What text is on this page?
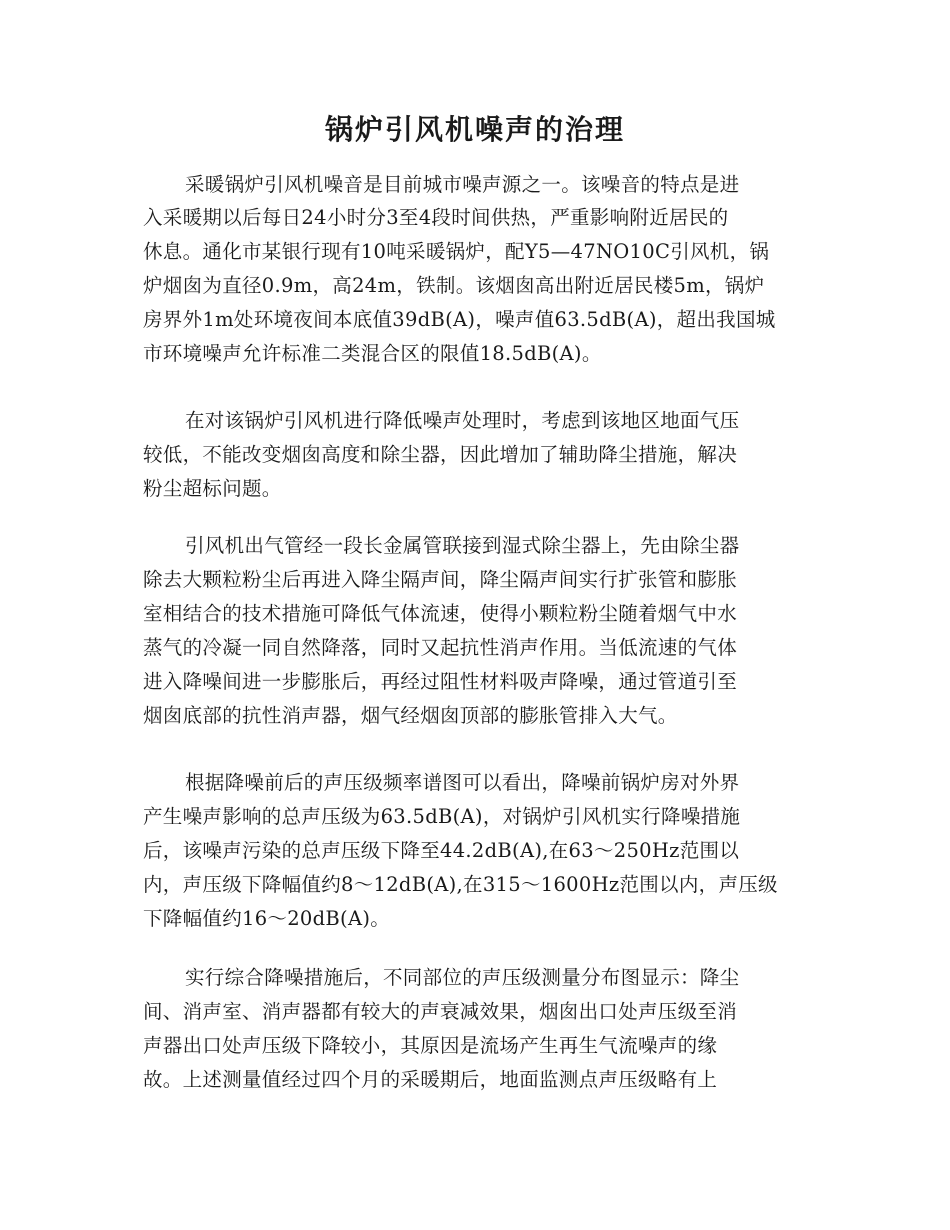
锅炉引风机噪声的治理
采暖锅炉引风机噪音是目前城市噪声源之一。该噪音的特点是进
入采暖期以后每日24小时分3至4段时间供热，严重影响附近居民的
休息。通化市某银行现有10吨采暖锅炉，配Y5—47NO10C引风机，锅
炉烟囱为直径0.9m，高24m，铁制。该烟囱高出附近居民楼5m，锅炉
房界外1m处环境夜间本底值39dB(A)，噪声值63.5dB(A)，超出我国城
市环境噪声允许标准二类混合区的限值18.5dB(A)。
在对该锅炉引风机进行降低噪声处理时，考虑到该地区地面气压
较低，不能改变烟囱高度和除尘器，因此增加了辅助降尘措施，解决
粉尘超标问题。
引风机出气管经一段长金属管联接到湿式除尘器上，先由除尘器
除去大颗粒粉尘后再进入降尘隔声间，降尘隔声间实行扩张管和膨胀
室相结合的技术措施可降低气体流速，使得小颗粒粉尘随着烟气中水
蒸气的冷凝一同自然降落，同时又起抗性消声作用。当低流速的气体
进入降噪间进一步膨胀后，再经过阻性材料吸声降噪，通过管道引至
烟囱底部的抗性消声器，烟气经烟囱顶部的膨胀管排入大气。
根据降噪前后的声压级频率谱图可以看出，降噪前锅炉房对外界
产生噪声影响的总声压级为63.5dB(A)，对锅炉引风机实行降噪措施
后，该噪声污染的总声压级下降至44.2dB(A),在63～250Hz范围以
内，声压级下降幅值约8～12dB(A),在315～1600Hz范围以内，声压级
下降幅值约16～20dB(A)。
实行综合降噪措施后，不同部位的声压级测量分布图显示：降尘
间、消声室、消声器都有较大的声衰减效果，烟囱出口处声压级至消
声器出口处声压级下降较小，其原因是流场产生再生气流噪声的缘
故。上述测量值经过四个月的采暖期后，地面监测点声压级略有上
